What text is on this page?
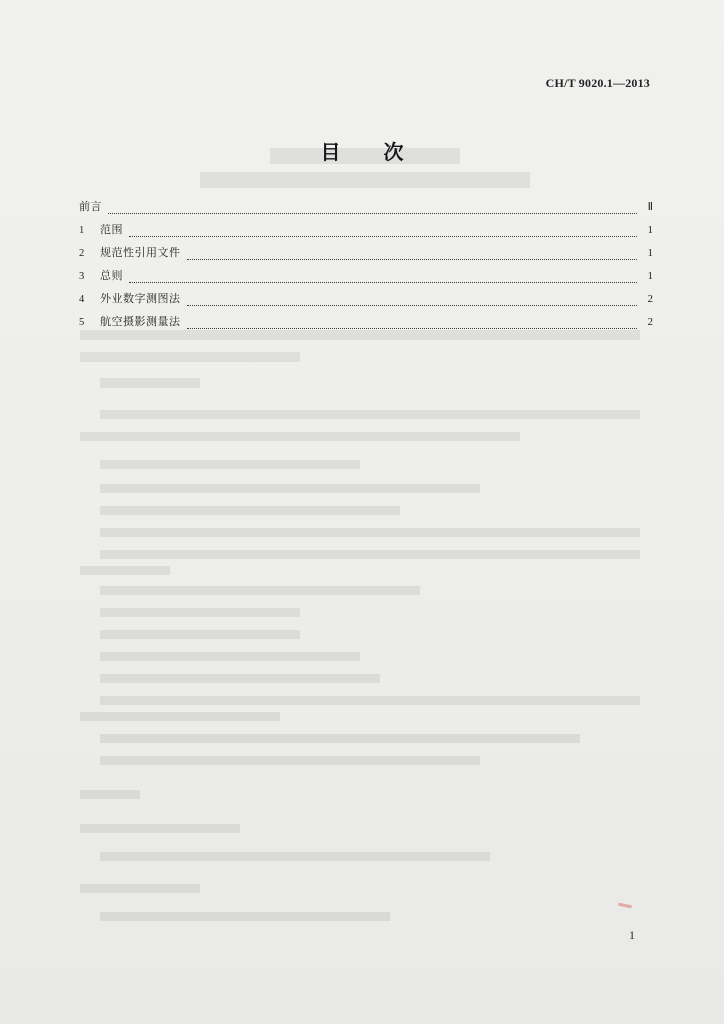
CH/T 9020.1—2013
目 次
前言	Ⅱ
1	范围	1
2	规范性引用文件	1
3	总则	1
4	外业数字测图法	2
5	航空摄影测量法	2
1
